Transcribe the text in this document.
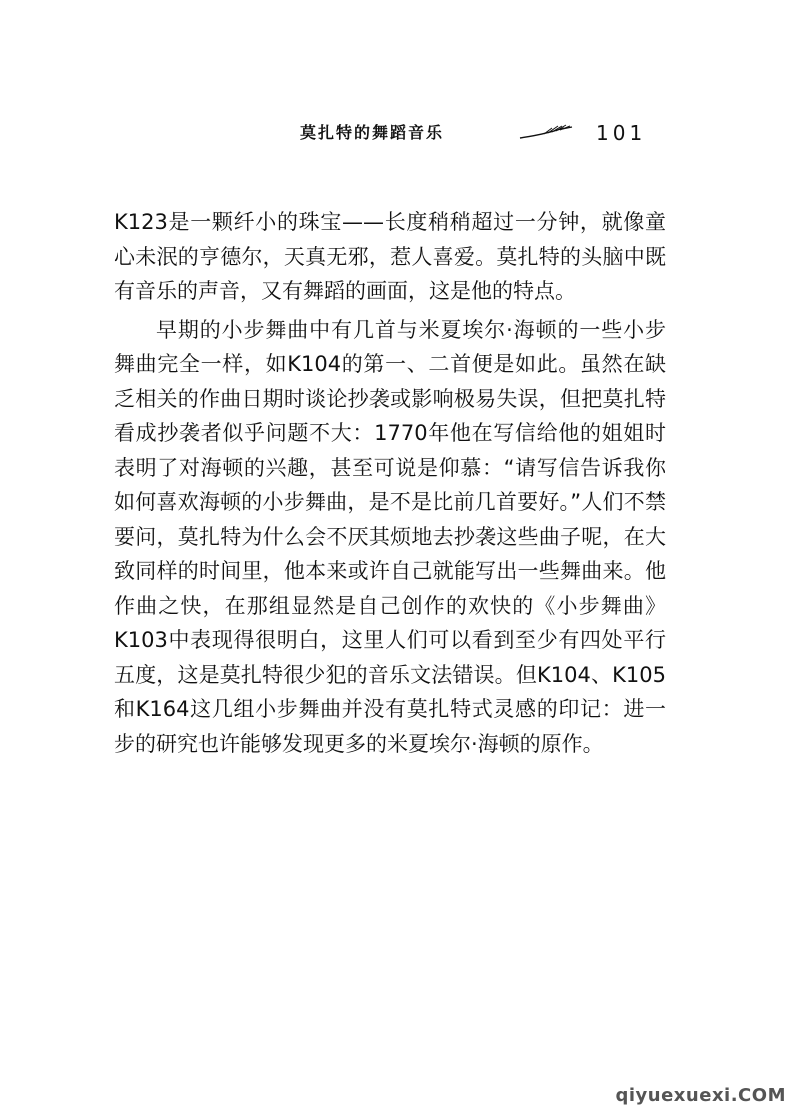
莫扎特的舞蹈音乐	101

K123是一颗纤小的珠宝——长度稍稍超过一分钟，就像童心未泯的亨德尔，天真无邪，惹人喜爱。莫扎特的头脑中既有音乐的声音，又有舞蹈的画面，这是他的特点。

早期的小步舞曲中有几首与米夏埃尔·海顿的一些小步舞曲完全一样，如K104的第一、二首便是如此。虽然在缺乏相关的作曲日期时谈论抄袭或影响极易失误，但把莫扎特看成抄袭者似乎问题不大：1770年他在写信给他的姐姐时表明了对海顿的兴趣，甚至可说是仰慕：“请写信告诉我你如何喜欢海顿的小步舞曲，是不是比前几首要好。”人们不禁要问，莫扎特为什么会不厌其烦地去抄袭这些曲子呢，在大致同样的时间里，他本来或许自己就能写出一些舞曲来。他作曲之快，在那组显然是自己创作的欢快的《小步舞曲》K103中表现得很明白，这里人们可以看到至少有四处平行五度，这是莫扎特很少犯的音乐文法错误。但K104、K105和K164这几组小步舞曲并没有莫扎特式灵感的印记：进一步的研究也许能够发现更多的米夏埃尔·海顿的原作。

qiyuexuexi.COM
